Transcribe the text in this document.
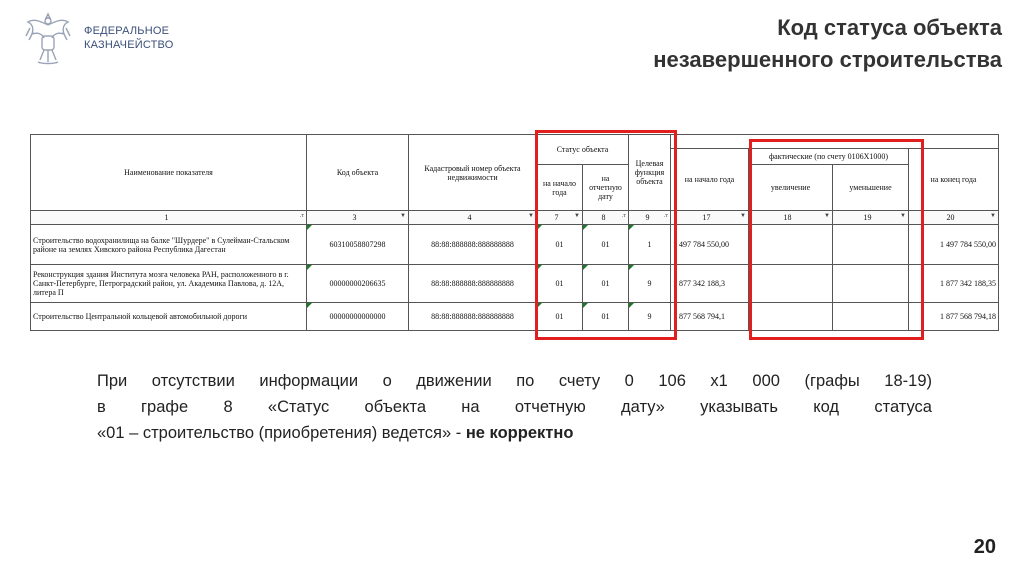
ФЕДЕРАЛЬНОЕ
КАЗНАЧЕЙСТВО
Код статуса объекта
незавершенного строительства
Наименование показателя	Код объекта	Кадастровый номер объекта недвижимости	Статус объекта		Целевая функция объекта				
						на начало года	фактические (по счету 0106Х1000)		на конец года
			на начало года	на отчетную дату			увеличение	уменьшение	
1 .т	3 ▼	4 ▼	7 ▼	8 .т	9 .т	17 ▼	18 ▼	19 ▼	20 ▼

Строительство водохранилища на балке "Шурдере" в Сулейман-Стальском районе на землях Хивского района Республика Дагестан	60310058807298	88:88:888888:888888888	01	01	1	1 497 784 550,00			1 497 784 550,00
Реконструкция здания Института мозга человека РАН, расположенного в г. Санкт-Петербурге, Петроградский район, ул. Академика Павлова, д. 12А, литера П	00000000206635	88:88:888888:888888888	01	01	9	1 877 342 188,3			1 877 342 188,35
Строительство Центральной кольцевой автомобильной дороги	00000000000000	88:88:888888:888888888	01	01	9	1 877 568 794,1			1 877 568 794,18
При отсутствии информации о движении по счету 0 106 х1 000 (графы 18-19)
в графе 8 «Статус объекта на отчетную дату» указывать код статуса
«01 – строительство (приобретения) ведется» - не корректно
20
